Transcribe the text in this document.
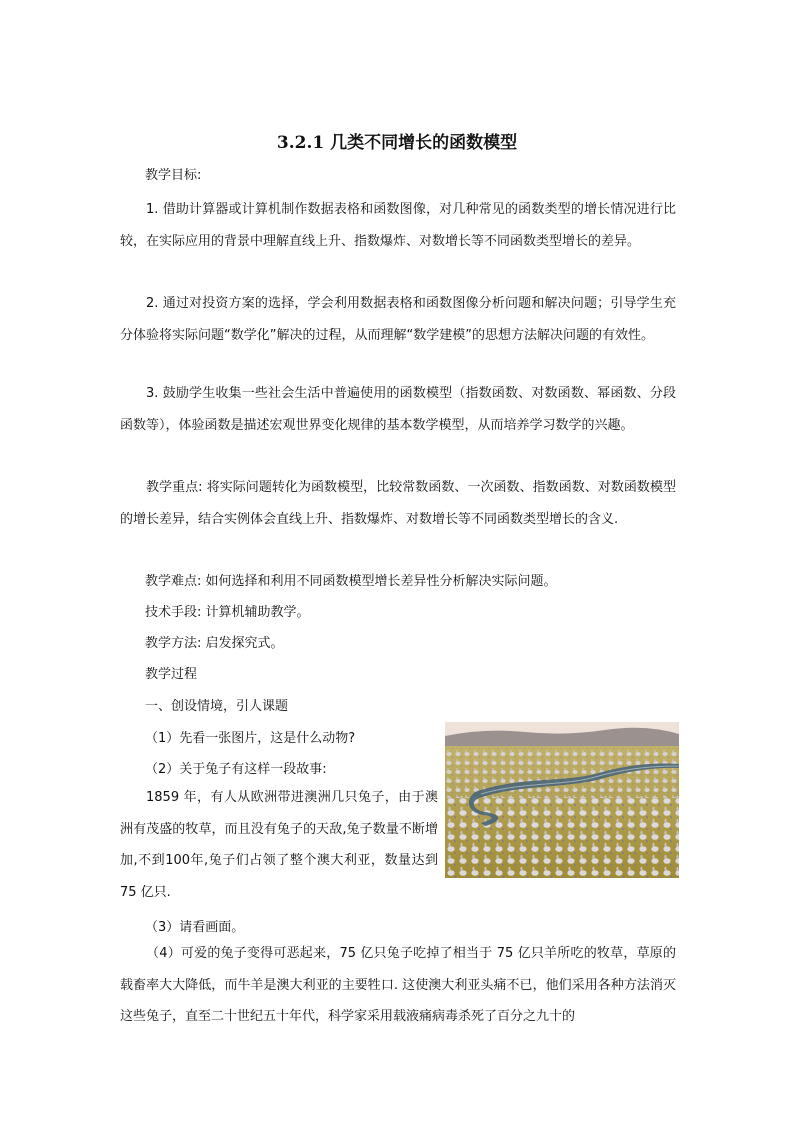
3.2.1 几类不同增长的函数模型
教学目标:
1. 借助计算器或计算机制作数据表格和函数图像，对几种常见的函数类型的增长情况进行比较，在实际应用的背景中理解直线上升、指数爆炸、对数增长等不同函数类型增长的差异。
2. 通过对投资方案的选择，学会利用数据表格和函数图像分析问题和解决问题；引导学生充分体验将实际问题“数学化”解决的过程，从而理解“数学建模”的思想方法解决问题的有效性。
3. 鼓励学生收集一些社会生活中普遍使用的函数模型（指数函数、对数函数、幂函数、分段函数等），体验函数是描述宏观世界变化规律的基本数学模型，从而培养学习数学的兴趣。
教学重点: 将实际问题转化为函数模型，比较常数函数、一次函数、指数函数、对数函数模型的增长差异，结合实例体会直线上升、指数爆炸、对数增长等不同函数类型增长的含义.
教学难点: 如何选择和利用不同函数模型增长差异性分析解决实际问题。
技术手段: 计算机辅助教学。
教学方法: 启发探究式。
教学过程
一、创设情境，引人课题
（1）先看一张图片，这是什么动物?
（2）关于兔子有这样一段故事:
1859 年，有人从欧洲带进澳洲几只兔子，由于澳洲有茂盛的牧草，而且没有兔子的天敌,兔子数量不断增加,不到100年,兔子们占领了整个澳大利亚，数量达到 75 亿只.
（3）请看画面。
（4）可爱的兔子变得可恶起来，75 亿只兔子吃掉了相当于 75 亿只羊所吃的牧草，草原的载畜率大大降低，而牛羊是澳大利亚的主要牲口. 这使澳大利亚头痛不已，他们采用各种方法消灭这些兔子，直至二十世纪五十年代，科学家采用载液痛病毒杀死了百分之九十的
